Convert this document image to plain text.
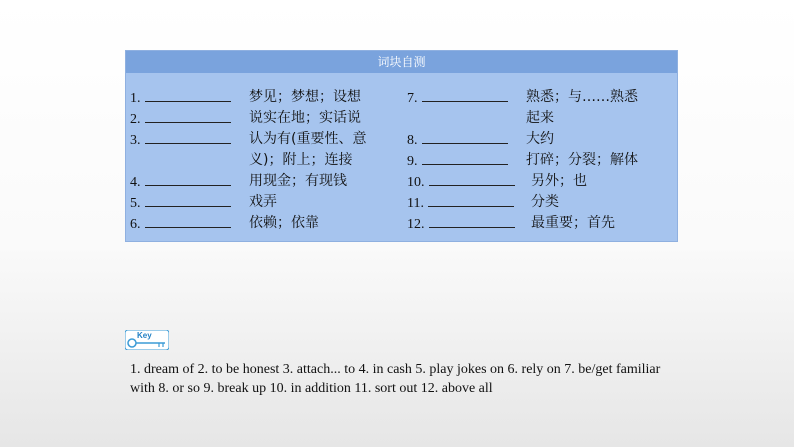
词块自测
1.	梦见；梦想；设想
2.	说实在地；实话说
3.	认为有(重要性、意
义)；附上；连接
4.	用现金；有现钱
5.	戏弄
6.	依赖；依靠
7.	熟悉；与……熟悉
起来
8.	大约
9.	打碎；分裂；解体
10.	另外；也
11.	分类
12.	最重要；首先
Key
1. dream of 2. to be honest 3. attach... to 4. in cash 5. play jokes on 6. rely on 7. be/get familiar with 8. or so 9. break up 10. in addition 11. sort out 12. above all
